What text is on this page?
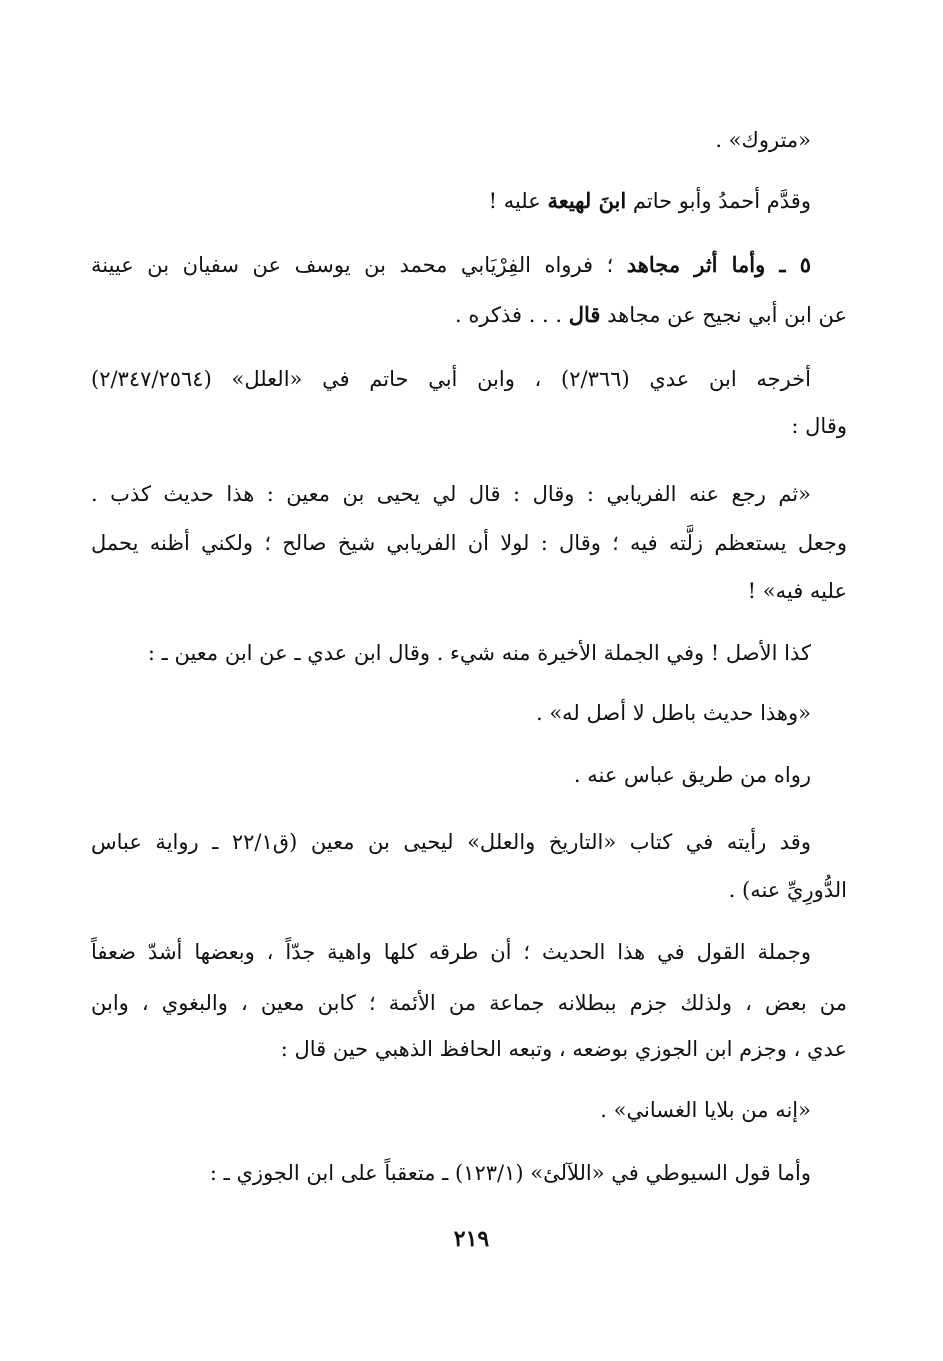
«متروك» .
وقدَّم أحمدُ وأبو حاتم ابنَ لهيعة عليه !
٥ ـ وأما أثر مجاهد ؛ فرواه الفِرْيَابي محمد بن يوسف عن سفيان بن عيينة
عن ابن أبي نجيح عن مجاهد قال . . . فذكره .
أخرجه ابن عدي (٢/٣٦٦) ، وابن أبي حاتم في «العلل» (٢/٣٤٧/٢٥٦٤)
وقال :
«ثم رجع عنه الفريابي : وقال : قال لي يحيى بن معين : هذا حديث كذب .
وجعل يستعظم زلَّته فيه ؛ وقال : لولا أن الفريابي شيخ صالح ؛ ولكني أظنه يحمل
عليه فيه» !
كذا الأصل ! وفي الجملة الأخيرة منه شيء . وقال ابن عدي ـ عن ابن معين ـ :
«وهذا حديث باطل لا أصل له» .
رواه من طريق عباس عنه .
وقد رأيته في كتاب «التاريخ والعلل» ليحيى بن معين (ق٢٢/١ ـ رواية عباس
الدُّورِيِّ عنه) .
وجملة القول في هذا الحديث ؛ أن طرقه كلها واهية جدّاً ، وبعضها أشدّ ضعفاً
من بعض ، ولذلك جزم ببطلانه جماعة من الأئمة ؛ كابن معين ، والبغوي ، وابن
عدي ، وجزم ابن الجوزي بوضعه ، وتبعه الحافظ الذهبي حين قال :
«إنه من بلايا الغساني» .
وأما قول السيوطي في «اللآلئ» (١٢٣/١) ـ متعقباً على ابن الجوزي ـ :
٢١٩
